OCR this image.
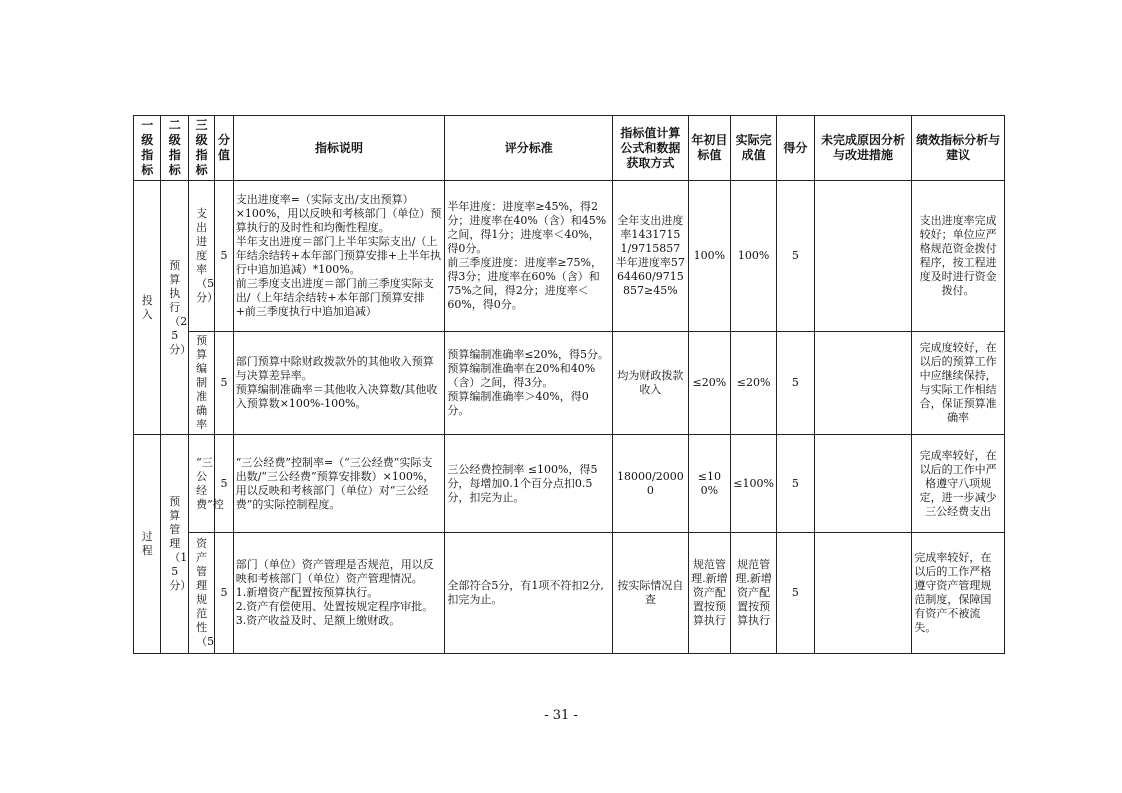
一级指标	二级指标	三级指标	分值	指标说明	评分标准	指标值计算公式和数据获取方式	年初目标值	实际完成值	得分	未完成原因分析与改进措施	绩效指标分析与建议

投入	预算执行（25分）	支出进度率（5分）	5	支出进度率=（实际支出/支出预算）×100%，用以反映和考核部门（单位）预算执行的及时性和均衡性程度。
半年支出进度＝部门上半年实际支出/（上年结余结转+本年部门预算安排+上半年执行中追加追减）*100%。
前三季度支出进度＝部门前三季度实际支出/（上年结余结转+本年部门预算安排+前三季度执行中追加追减）	半年进度：进度率≥45%，得2分；进度率在40%（含）和45%之间，得1分；进度率＜40%，得0分。
前三季度进度：进度率≥75%，得3分；进度率在60%（含）和75%之间，得2分；进度率＜60%，得0分。	全年支出进度率14317151/9715857半年进度率5764460/9715857≥45%	100%	100%	5		支出进度率完成较好；单位应严格规范资金拨付程序，按工程进度及时进行资金拨付。

		预算编制准确率	5	部门预算中除财政拨款外的其他收入预算与决算差异率。
预算编制准确率＝其他收入决算数/其他收入预算数×100%-100%。	预算编制准确率≤20%，得5分。
预算编制准确率在20%和40%（含）之间，得3分。
预算编制准确率＞40%，得0分。	均为财政拨款收入	≤20%	≤20%	5		完成度较好，在以后的预算工作中应继续保持，与实际工作相结合，保证预算准确率

过程	预算管理（15分）	“三公经费”控	5	“三公经费”控制率=（“三公经费”实际支出数/“三公经费”预算安排数）×100%，用以反映和考核部门（单位）对“三公经费”的实际控制程度。	三公经费控制率 ≤100%，得5分，每增加0.1个百分点扣0.5分，扣完为止。	18000/20000	≤100%	≤100%	5		完成率较好，在以后的工作中严格遵守八项规定，进一步减少三公经费支出

		资产管理规范性（5	5	部门（单位）资产管理是否规范，用以反映和考核部门（单位）资产管理情况。
1.新增资产配置按预算执行。
2.资产有偿使用、处置按规定程序审批。
3.资产收益及时、足额上缴财政。	全部符合5分，有1项不符扣2分,扣完为止。	按实际情况自查	规范管理.新增资产配置按预算执行	规范管理.新增资产配置按预算执行	5		完成率较好，在以后的工作严格遵守资产管理规范制度，保障国有资产不被流失。
- 31 -
